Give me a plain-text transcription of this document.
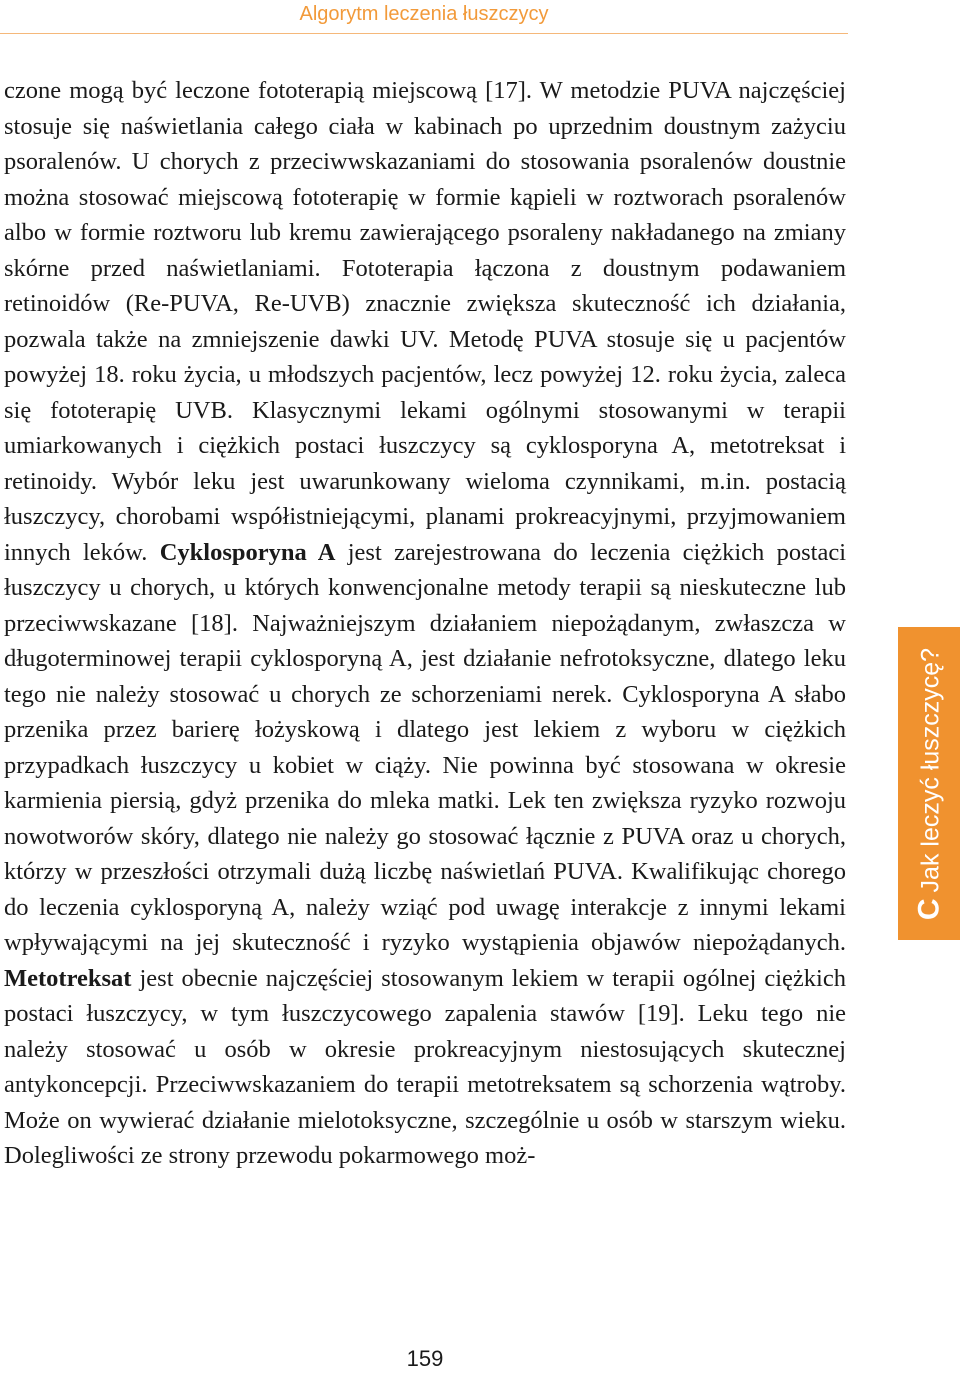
Algorytm leczenia łuszczycy

czone mogą być leczone fototerapią miejscową [17]. W metodzie PUVA najczęściej stosuje się naświetlania całego ciała w kabinach po uprzednim doustnym zażyciu psoralenów. U chorych z przeciwwskazaniami do stosowania psoralenów doustnie można stosować miejscową fototerapię w formie kąpieli w roztworach psoralenów albo w formie roztworu lub kremu zawierającego psoraleny nakładanego na zmiany skórne przed naświetlaniami. Fototerapia łączona z doustnym podawaniem retinoidów (Re-PUVA, Re-UVB) znacznie zwiększa skuteczność ich działania, pozwala także na zmniejszenie dawki UV. Metodę PUVA stosuje się u pacjentów powyżej 18. roku życia, u młodszych pacjentów, lecz powyżej 12. roku życia, zaleca się fototerapię UVB. Klasycznymi lekami ogólnymi stosowanymi w terapii umiarkowanych i ciężkich postaci łuszczycy są cyklosporyna A, metotreksat i retinoidy. Wybór leku jest uwarunkowany wieloma czynnikami, m.in. postacią łuszczycy, chorobami współistniejącymi, planami prokreacyjnymi, przyjmowaniem innych leków. Cyklosporyna A jest zarejestrowana do leczenia ciężkich postaci łuszczycy u chorych, u których konwencjonalne metody terapii są nieskuteczne lub przeciwwskazane [18]. Najważniejszym działaniem niepożądanym, zwłaszcza w długoterminowej terapii cyklosporyną A, jest działanie nefrotoksyczne, dlatego leku tego nie należy stosować u chorych ze schorzeniami nerek. Cyklosporyna A słabo przenika przez barierę łożyskową i dlatego jest lekiem z wyboru w ciężkich przypadkach łuszczycy u kobiet w ciąży. Nie powinna być stosowana w okresie karmienia piersią, gdyż przenika do mleka matki. Lek ten zwiększa ryzyko rozwoju nowotworów skóry, dlatego nie należy go stosować łącznie z PUVA oraz u chorych, którzy w przeszłości otrzymali dużą liczbę naświetlań PUVA. Kwalifikując chorego do leczenia cyklosporyną A, należy wziąć pod uwagę interakcje z innymi lekami wpływającymi na jej skuteczność i ryzyko wystąpienia objawów niepożądanych. Metotreksat jest obecnie najczęściej stosowanym lekiem w terapii ogólnej ciężkich postaci łuszczycy, w tym łuszczycowego zapalenia stawów [19]. Leku tego nie należy stosować u osób w okresie prokreacyjnym niestosujących skutecznej antykoncepcji. Przeciwwskazaniem do terapii metotreksatem są schorzenia wątroby. Może on wywierać działanie mielotoksyczne, szczególnie u osób w starszym wieku. Dolegliwości ze strony przewodu pokarmowego moż-

CJak leczyć łuszczycę?
159
